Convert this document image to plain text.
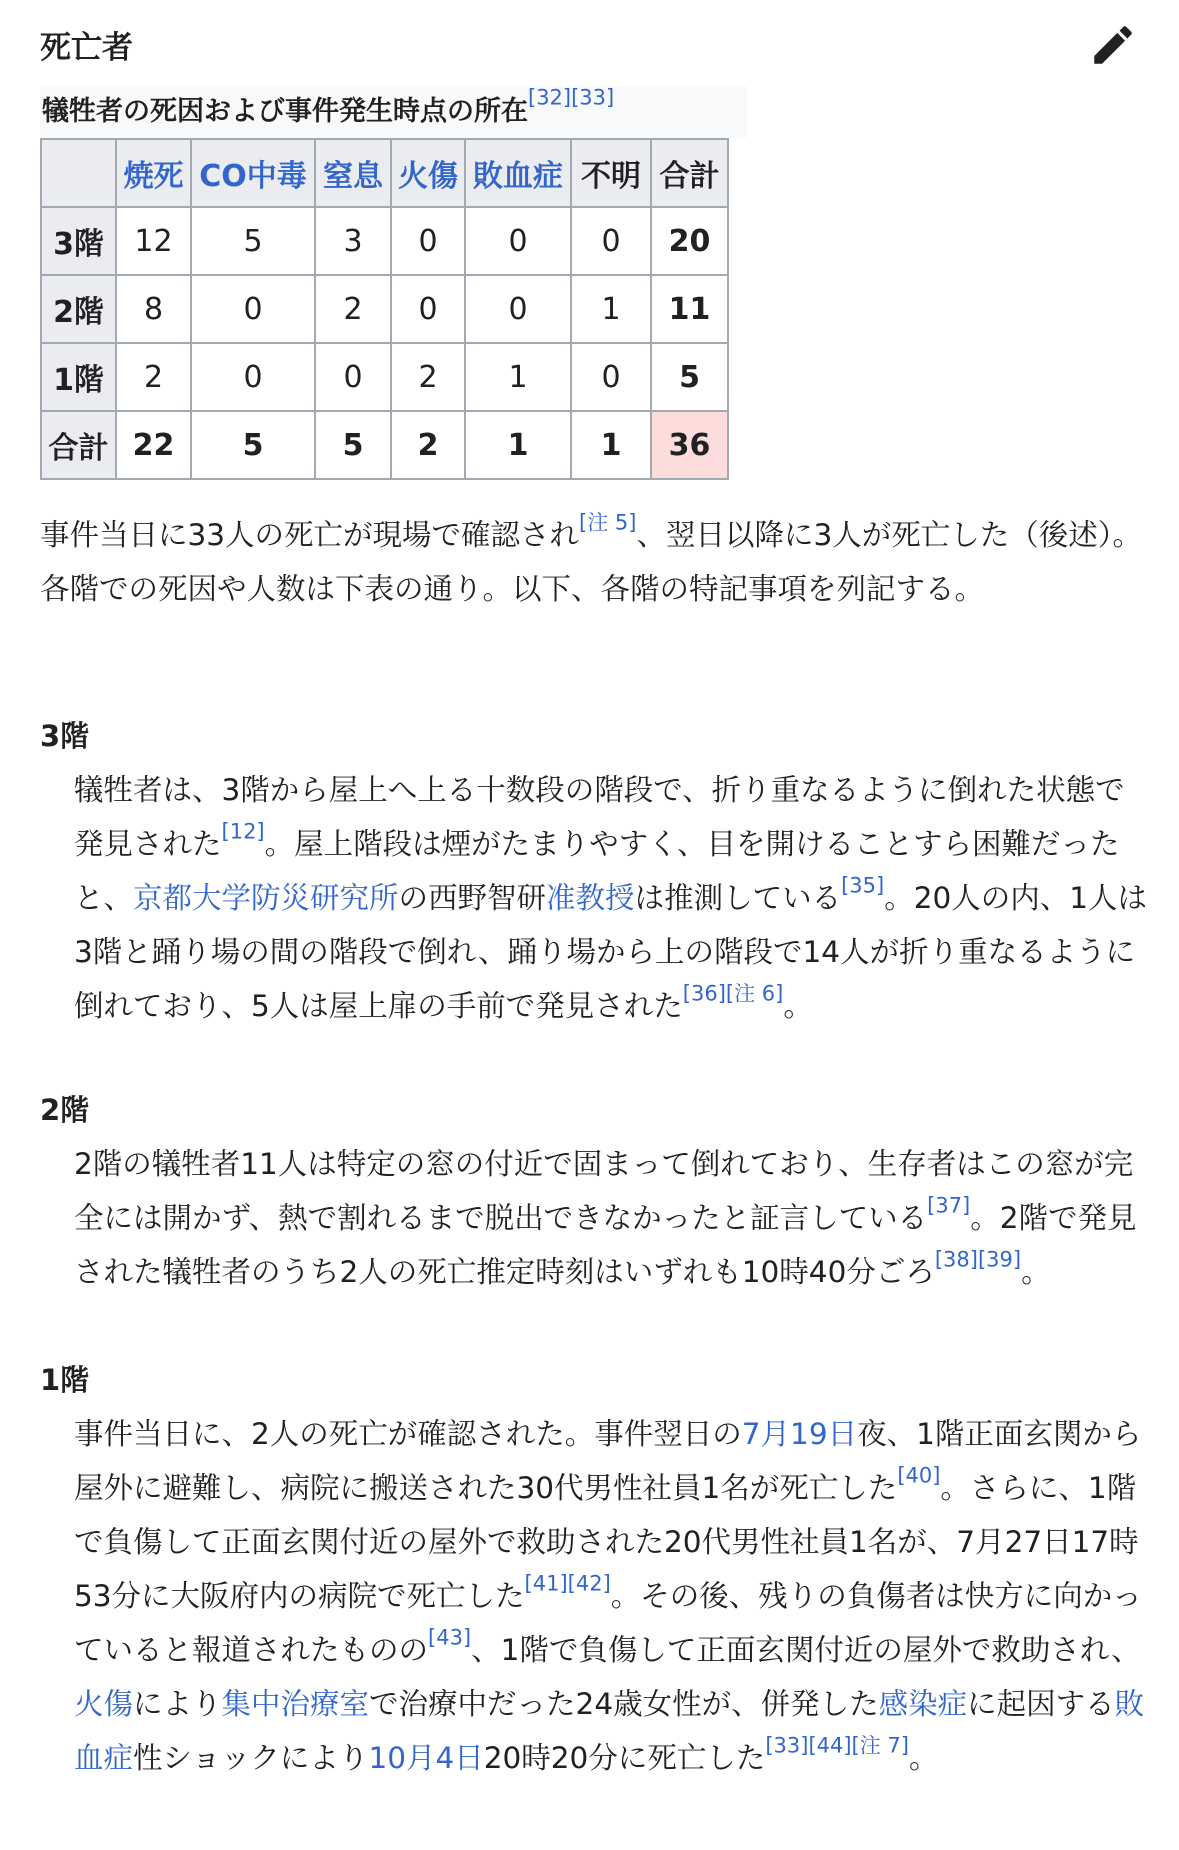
死亡者
犠牲者の死因および事件発生時点の所在[32][33]
	焼死	CO中毒	窒息	火傷	敗血症	不明	合計
3階	12	5	3	0	0	0	20
2階	8	0	2	0	0	1	11
1階	2	0	0	2	1	0	5
合計	22	5	5	2	1	1	36

事件当日に33人の死亡が現場で確認され[注 5]、翌日以降に3人が死亡した（後述）。各階での死因や人数は下表の通り。以下、各階の特記事項を列記する。

3階

犠牲者は、3階から屋上へ上る十数段の階段で、折り重なるように倒れた状態で発見された[12]。屋上階段は煙がたまりやすく、目を開けることすら困難だったと、京都大学防災研究所の西野智研准教授は推測している[35]。20人の内、1人は3階と踊り場の間の階段で倒れ、踊り場から上の階段で14人が折り重なるように倒れており、5人は屋上扉の手前で発見された[36][注 6]。

2階

2階の犠牲者11人は特定の窓の付近で固まって倒れており、生存者はこの窓が完全には開かず、熱で割れるまで脱出できなかったと証言している[37]。2階で発見された犠牲者のうち2人の死亡推定時刻はいずれも10時40分ごろ[38][39]。

1階

事件当日に、2人の死亡が確認された。事件翌日の7月19日夜、1階正面玄関から屋外に避難し、病院に搬送された30代男性社員1名が死亡した[40]。さらに、1階で負傷して正面玄関付近の屋外で救助された20代男性社員1名が、7月27日17時53分に大阪府内の病院で死亡した[41][42]。その後、残りの負傷者は快方に向かっていると報道されたものの[43]、1階で負傷して正面玄関付近の屋外で救助され、火傷により集中治療室で治療中だった24歳女性が、併発した感染症に起因する敗血症性ショックにより10月4日20時20分に死亡した[33][44][注 7]。
